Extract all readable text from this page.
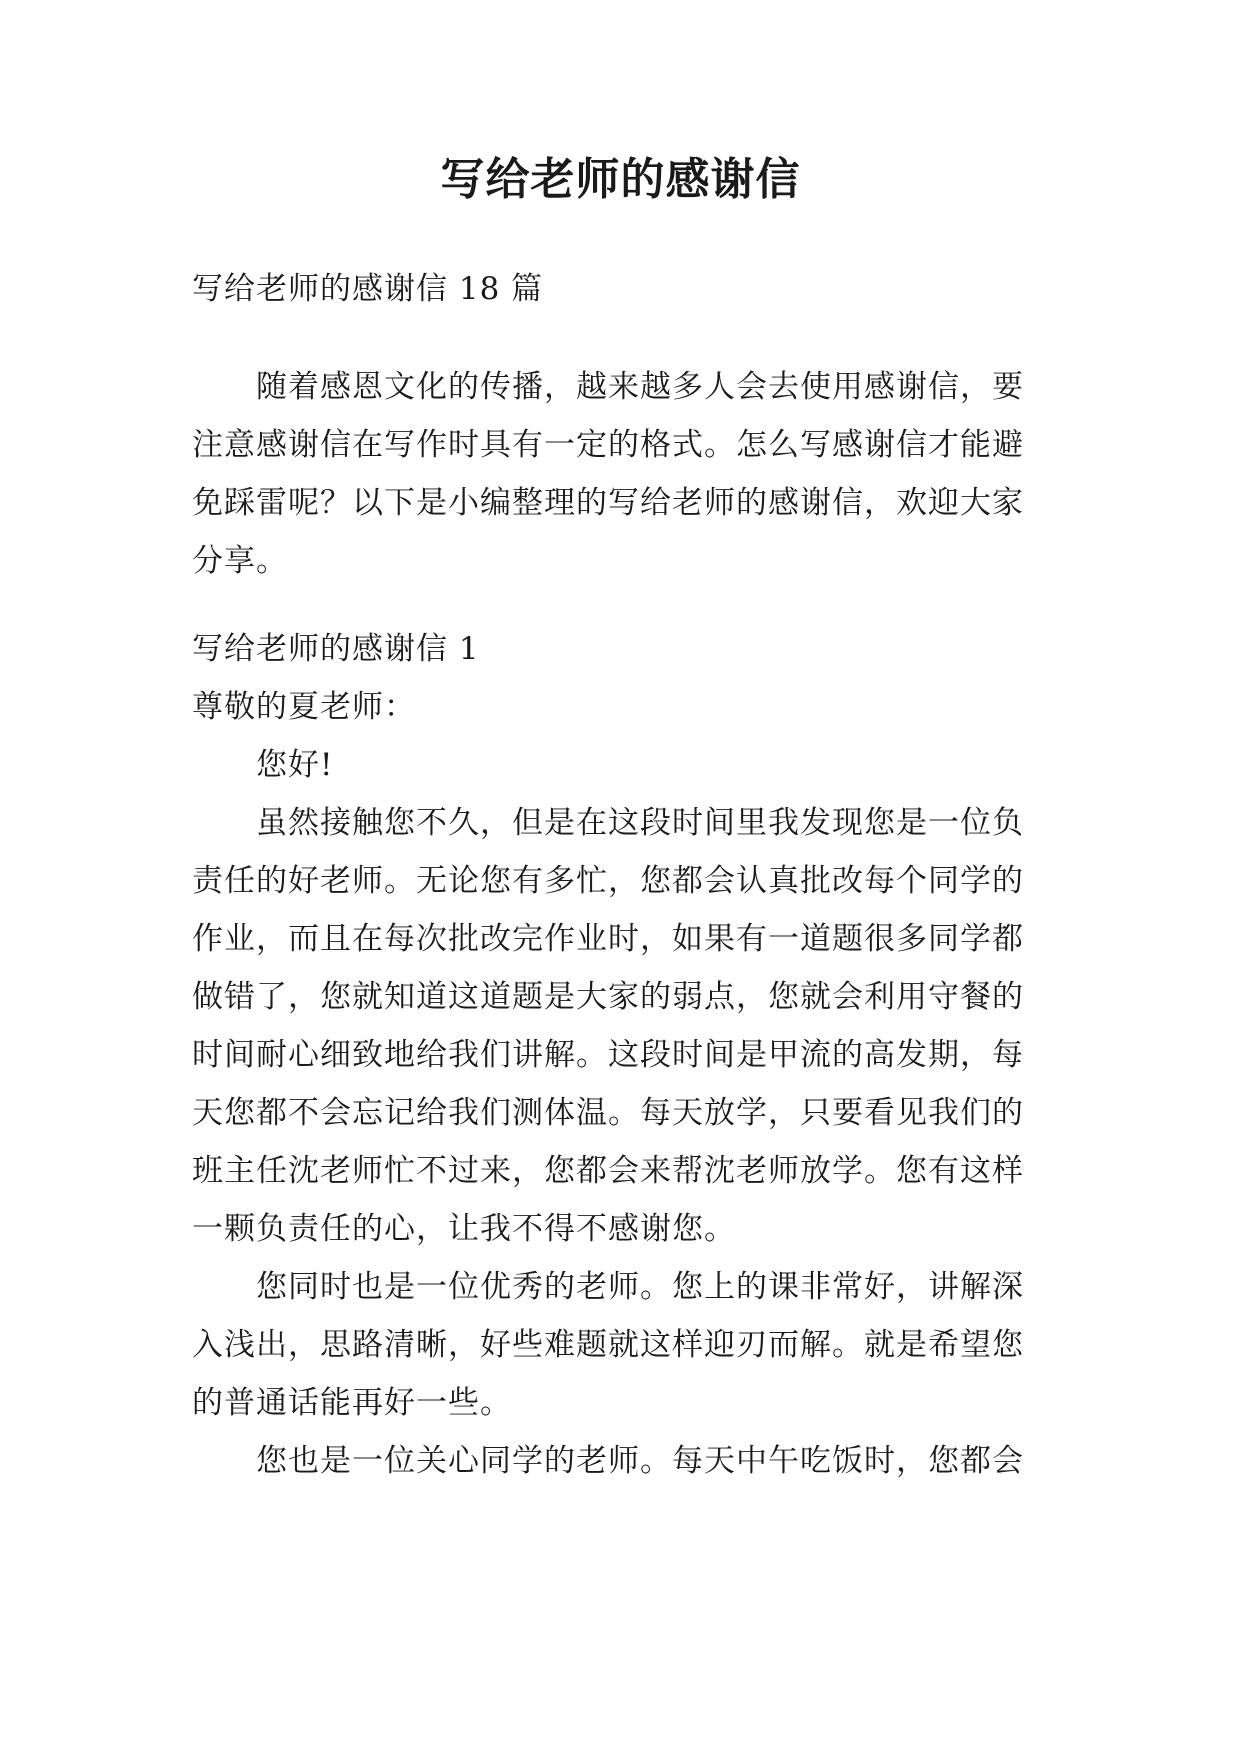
写给老师的感谢信
写给老师的感谢信 18 篇
随着感恩文化的传播，越来越多人会去使用感谢信，要
注意感谢信在写作时具有一定的格式。怎么写感谢信才能避
免踩雷呢？以下是小编整理的写给老师的感谢信，欢迎大家
分享。
写给老师的感谢信 1
尊敬的夏老师：
您好!
虽然接触您不久，但是在这段时间里我发现您是一位负
责任的好老师。无论您有多忙，您都会认真批改每个同学的
作业，而且在每次批改完作业时，如果有一道题很多同学都
做错了，您就知道这道题是大家的弱点，您就会利用守餐的
时间耐心细致地给我们讲解。这段时间是甲流的高发期，每
天您都不会忘记给我们测体温。每天放学，只要看见我们的
班主任沈老师忙不过来，您都会来帮沈老师放学。您有这样
一颗负责任的心，让我不得不感谢您。
您同时也是一位优秀的老师。您上的课非常好，讲解深
入浅出，思路清晰，好些难题就这样迎刃而解。就是希望您
的普通话能再好一些。
您也是一位关心同学的老师。每天中午吃饭时，您都会
